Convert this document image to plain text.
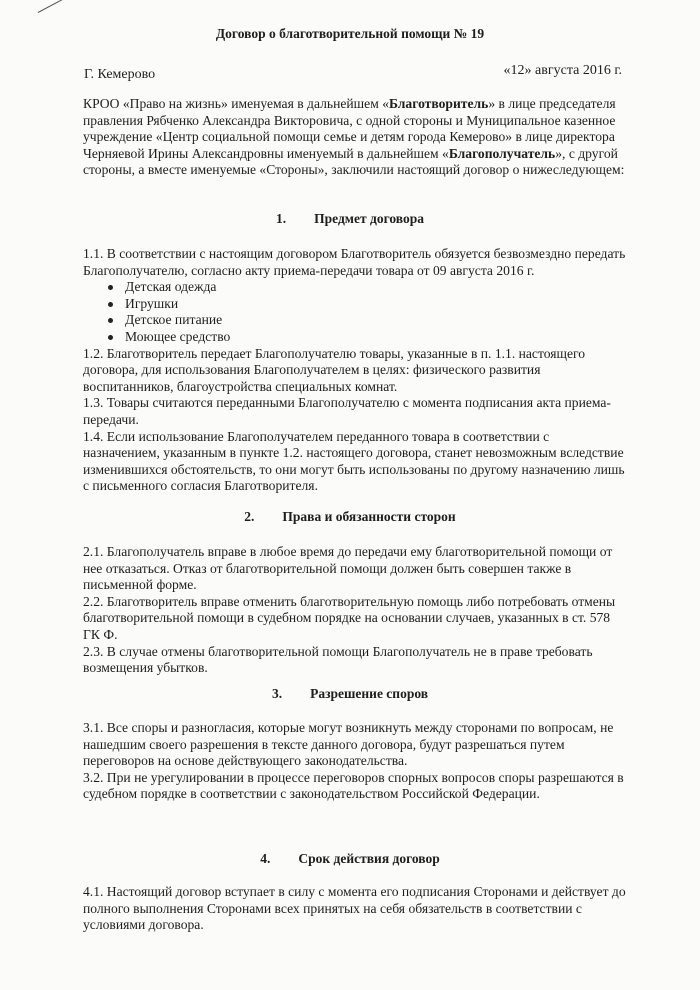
Договор о благотворительной помощи № 19
Г. Кемерово	«12» августа 2016 г.

КРОО «Право на жизнь» именуемая в дальнейшем «Благотворитель» в лице председателя правления Рябченко Александра Викторовича, с одной стороны и Муниципальное казенное учреждение «Центр социальной помощи семье и детям города Кемерово» в лице директора Черняевой Ирины Александровны именуемый в дальнейшем «Благополучатель», с другой стороны, а вместе именуемые «Стороны», заключили настоящий договор о нижеследующем:

1. Предмет договора

1.1. В соответствии с настоящим договором Благотворитель обязуется безвозмездно передать Благополучателю, согласно акту приема-передачи товара от 09 августа 2016 г.

Детская одежда
Игрушки
Детское питание
Моющее средство

1.2. Благотворитель передает Благополучателю товары, указанные в п. 1.1. настоящего договора, для использования Благополучателем в целях: физического развития воспитанников, благоустройства специальных комнат.

1.3. Товары считаются переданными Благополучателю с момента подписания акта приема-передачи.

1.4. Если использование Благополучателем переданного товара в соответствии с назначением, указанным в пункте 1.2. настоящего договора, станет невозможным вследствие изменившихся обстоятельств, то они могут быть использованы по другому назначению лишь с письменного согласия Благотворителя.

2. Права и обязанности сторон

2.1. Благополучатель вправе в любое время до передачи ему благотворительной помощи от нее отказаться. Отказ от благотворительной помощи должен быть совершен также в письменной форме.

2.2. Благотворитель вправе отменить благотворительную помощь либо потребовать отмены благотворительной помощи в судебном порядке на основании случаев, указанных в ст. 578 ГК Ф.

2.3. В случае отмены благотворительной помощи Благополучатель не в праве требовать возмещения убытков.

3. Разрешение споров

3.1. Все споры и разногласия, которые могут возникнуть между сторонами по вопросам, не нашедшим своего разрешения в тексте данного договора, будут разрешаться путем переговоров на основе действующего законодательства.

3.2. При не урегулировании в процессе переговоров спорных вопросов споры разрешаются в судебном порядке в соответствии с законодательством Российской Федерации.

4. Срок действия договор

4.1. Настоящий договор вступает в силу с момента его подписания Сторонами и действует до полного выполнения Сторонами всех принятых на себя обязательств в соответствии с условиями договора.
